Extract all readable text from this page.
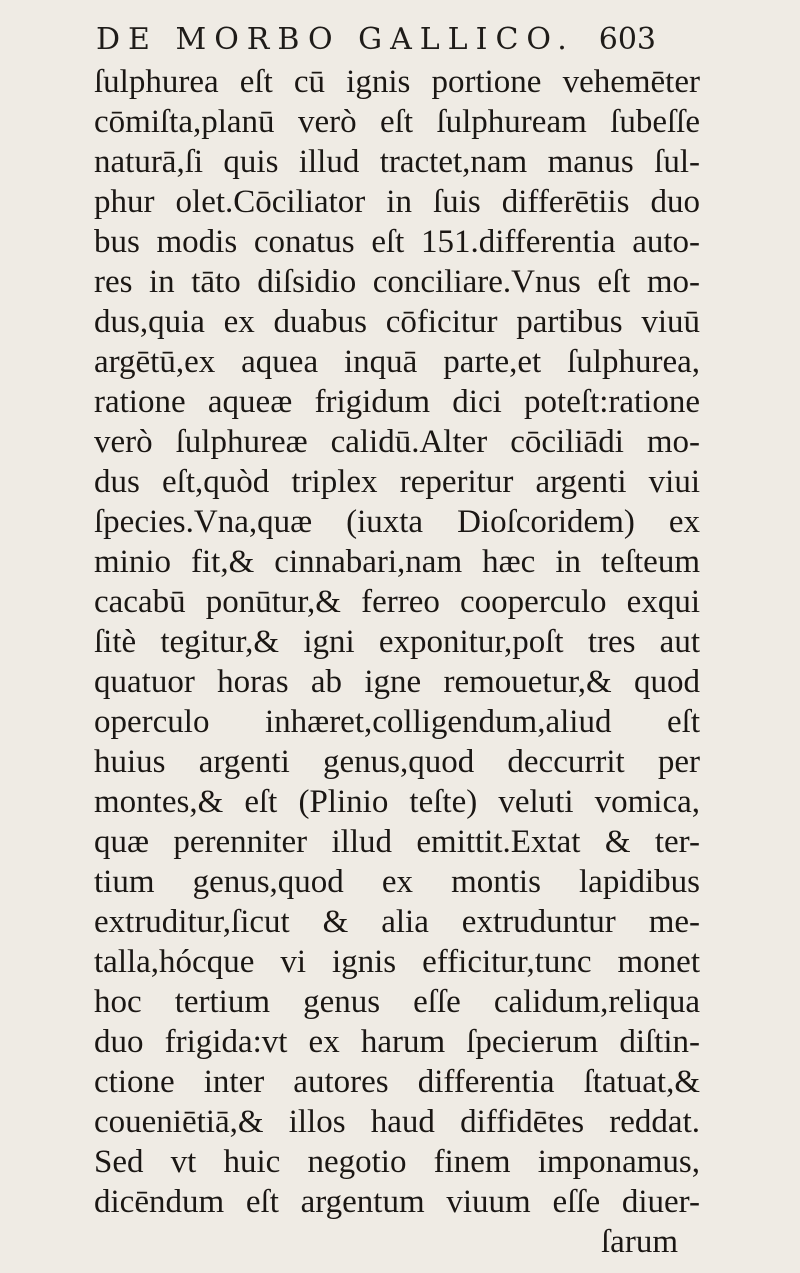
DE MORBO GALLICO. 603
ſulphurea eſt cū ignis portione vehemēter
cōmiſta,planū verò eſt ſulphuream ſubeſſe
naturā,ſi quis illud tractet,nam manus ſul-
phur olet.Cōciliator in ſuis differētiis duo
bus modis conatus eſt 151.differentia auto-
res in tāto diſsidio conciliare.Vnus eſt mo-
dus,quia ex duabus cōficitur partibus viuū
argētū,ex aquea inquā parte,et ſulphurea,
ratione aqueæ frigidum dici poteſt:ratione
verò ſulphureæ calidū.Alter cōciliādi mo-
dus eſt,quòd triplex reperitur argenti viui
ſpecies.Vna,quæ (iuxta Dioſcoridem) ex
minio fit,& cinnabari,nam hæc in teſteum
cacabū ponūtur,& ferreo cooperculo exqui
ſitè tegitur,& igni exponitur,poſt tres aut
quatuor horas ab igne remouetur,& quod
operculo inhæret,colligendum,aliud eſt
huius argenti genus,quod deccurrit per
montes,& eſt (Plinio teſte) veluti vomica,
quæ perenniter illud emittit.Extat & ter-
tium genus,quod ex montis lapidibus
extruditur,ſicut & alia extruduntur me-
talla,hócque vi ignis efficitur,tunc monet
hoc tertium genus eſſe calidum,reliqua
duo frigida:vt ex harum ſpecierum diſtin-
ctione inter autores differentia ſtatuat,&
coueniētiā,& illos haud diffidētes reddat.
Sed vt huic negotio finem imponamus,
dicēndum eſt argentum viuum eſſe diuer-
ſarum
